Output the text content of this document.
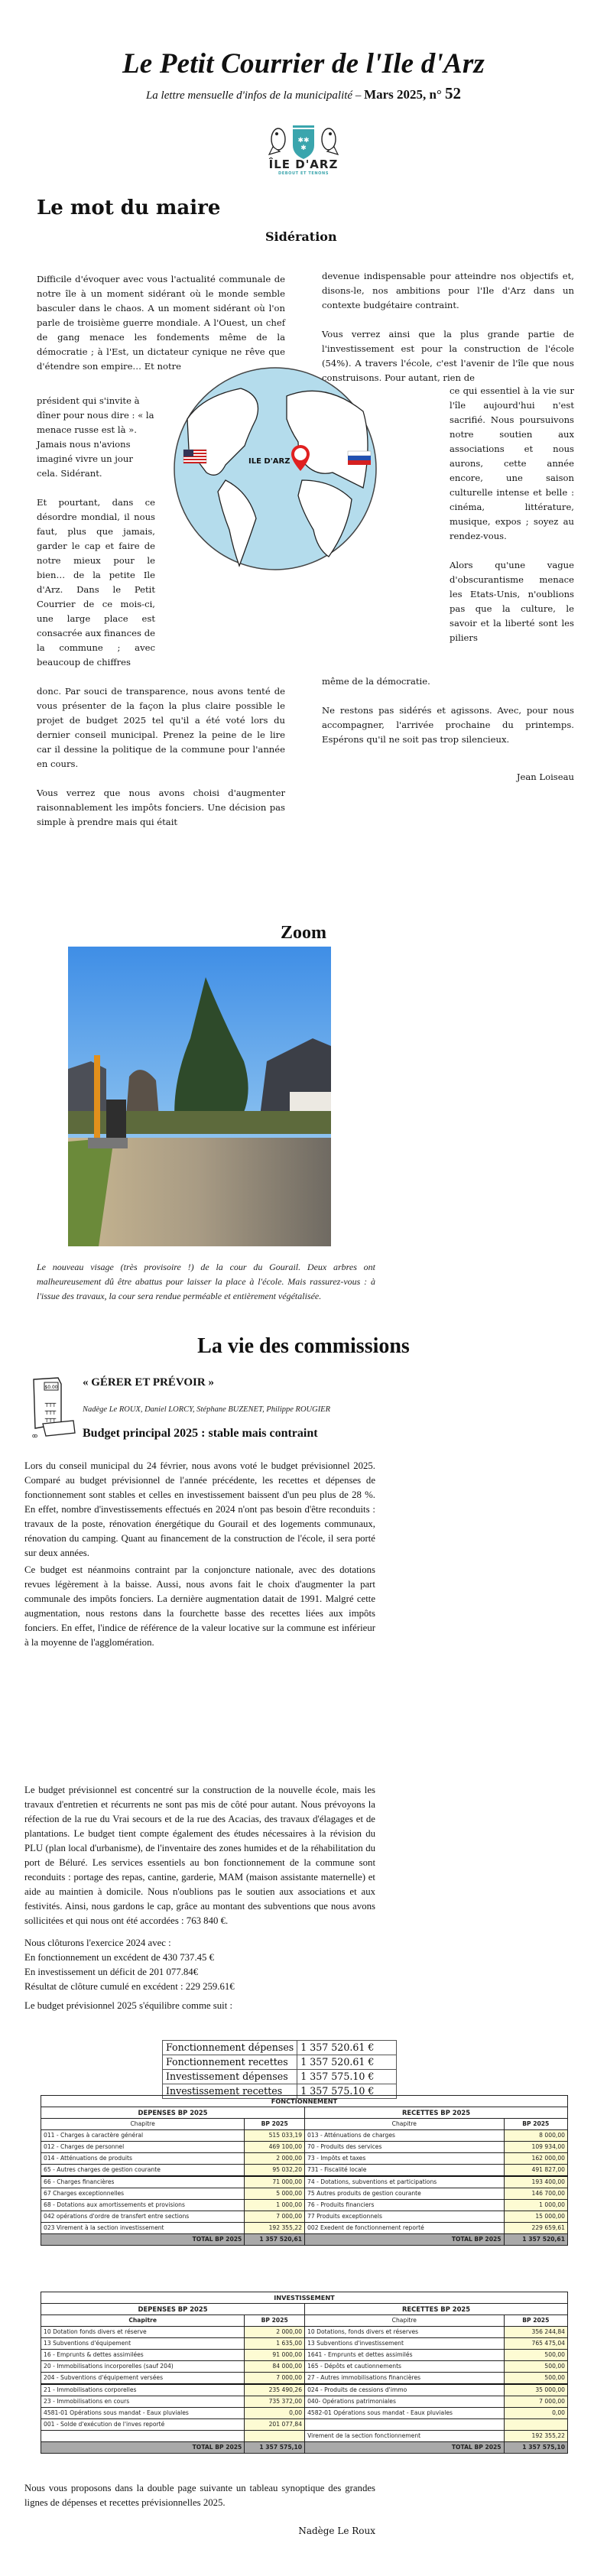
Le Petit Courrier de l'Ile d'Arz
La lettre mensuelle d'infos de la municipalité – Mars 2025, n° 52
✱✱
✱
ÎLE D'ARZ
DEBOUT ET TENONS
Le mot du maire
Sidération
Difficile d'évoquer avec vous l'actualité communale de notre île à un moment sidérant où le monde semble basculer dans le chaos. A un moment sidérant où l'on parle de troisième guerre mondiale. A l'Ouest, un chef de gang menace les fondements même de la démocratie ; à l'Est, un dictateur cynique ne rêve que d'étendre son empire… Et notre

président qui s'invite à dîner pour nous dire : « la menace russe est là ». Jamais nous n'avions imaginé vivre un jour cela. Sidérant.

Et pourtant, dans ce désordre mondial, il nous faut, plus que jamais, garder le cap et faire de notre mieux pour le bien… de la petite Ile d'Arz. Dans le Petit Courrier de ce mois-ci, une large place est consacrée aux finances de la commune ; avec beaucoup de chiffres

donc. Par souci de transparence, nous avons tenté de vous présenter de la façon la plus claire possible le projet de budget 2025 tel qu'il a été voté lors du dernier conseil municipal. Prenez la peine de le lire car il dessine la politique de la commune pour l'année en cours.

Vous verrez que nous avons choisi d'augmenter raisonnablement les impôts fonciers. Une décision pas simple à prendre mais qui était

devenue indispensable pour atteindre nos objectifs et, disons-le, nos ambitions pour l'Ile d'Arz dans un contexte budgétaire contraint.

Vous verrez ainsi que la plus grande partie de l'investissement est pour la construction de l'école (54%). A travers l'école, c'est l'avenir de l'île que nous construisons. Pour autant, rien de

ce qui essentiel à la vie sur l'île aujourd'hui n'est sacrifié. Nous poursuivons notre soutien aux associations et nous aurons, cette année encore, une saison culturelle intense et belle : cinéma, littérature, musique, expos ; soyez au rendez-vous.

Alors qu'une vague d'obscurantisme menace les Etats-Unis, n'oublions pas que la culture, le savoir et la liberté sont les piliers

même de la démocratie.

Ne restons pas sidérés et agissons. Avec, pour nous accompagner, l'arrivée prochaine du printemps. Espérons qu'il ne soit pas trop silencieux.

Jean Loiseau
ILE D'ARZ
Zoom
Le nouveau visage (très provisoire !) de la cour du Gourail. Deux arbres ont malheureusement dû être abattus pour laisser la place à l'école. Mais rassurez-vous : à l'issue des travaux, la cour sera rendue perméable et entièrement végétalisée.
La vie des commissions
$0.00
┬┬┬
┬┬┬
┬┬┬
ꝏ
« GÉRER ET PRÉVOIR »
Nadège Le ROUX, Daniel LORCY, Stéphane BUZENET, Philippe ROUGIER
Budget principal 2025 : stable mais contraint
Lors du conseil municipal du 24 février, nous avons voté le budget prévisionnel 2025. Comparé au budget prévisionnel de l'année précédente, les recettes et dépenses de fonctionnement sont stables et celles en investissement baissent d'un peu plus de 28 %. En effet, nombre d'investissements effectués en 2024 n'ont pas besoin d'être reconduits : travaux de la poste, rénovation énergétique du Gourail et des logements communaux, rénovation du camping. Quant au financement de la construction de l'école, il sera porté sur deux années.
Ce budget est néanmoins contraint par la conjoncture nationale, avec des dotations revues légèrement à la baisse. Aussi, nous avons fait le choix d'augmenter la part communale des impôts fonciers. La dernière augmentation datait de 1991. Malgré cette augmentation, nous restons dans la fourchette basse des recettes liées aux impôts fonciers. En effet, l'indice de référence de la valeur locative sur la commune est inférieur à la moyenne de l'agglomération.
Le budget prévisionnel est concentré sur la construction de la nouvelle école, mais les travaux d'entretien et récurrents ne sont pas mis de côté pour autant. Nous prévoyons la réfection de la rue du Vrai secours et de la rue des Acacias, des travaux d'élagages et de plantations. Le budget tient compte également des études nécessaires à la révision du PLU (plan local d'urbanisme), de l'inventaire des zones humides et de la réhabilitation du port de Béluré. Les services essentiels au bon fonctionnement de la commune sont reconduits : portage des repas, cantine, garderie, MAM (maison assistante maternelle) et aide au maintien à domicile. Nous n'oublions pas le soutien aux associations et aux festivités. Ainsi, nous gardons le cap, grâce au montant des subventions que nous avons sollicitées et qui nous ont été accordées : 763 840 €.
Nous clôturons l'exercice 2024 avec :
En fonctionnement un excédent de 430 737.45 €
En investissement un déficit de 201 077.84€
Résultat de clôture cumulé en excédent : 229 259.61€
Le budget prévisionnel 2025 s'équilibre comme suit :
Fonctionnement dépenses	1 357 520.61 €
Fonctionnement recettes	1 357 520.61 €
Investissement dépenses	1 357 575.10 €
Investissement recettes	1 357 575.10 €
FONCTIONNEMENT			
DEPENSES BP 2025		RECETTES BP 2025	
Chapitre	BP 2025	Chapitre	BP 2025
011 - Charges à caractère général	515 033,19	013 - Atténuations de charges	8 000,00
012 - Charges de personnel	469 100,00	70 - Produits des services	109 934,00
014 - Atténuations de produits	2 000,00	73 - Impôts et taxes	162 000,00
65 - Autres charges de gestion courante	95 032,20	731 - Fiscalité locale	491 827,00
66 - Charges financières	71 000,00	74 - Dotations, subventions et participations	193 400,00
67 Charges exceptionnelles	5 000,00	75 Autres produits de gestion courante	146 700,00
68 - Dotations aux amortissements et provisions	1 000,00	76 - Produits financiers	1 000,00
042 opérations d'ordre de transfert entre sections	7 000,00	77 Produits exceptionnels	15 000,00
023 Virement à la section investissement	192 355,22	002 Exedent de fonctionnement reporté	229 659,61
TOTAL BP 2025	1 357 520,61	TOTAL BP 2025	1 357 520,61
INVESTISSEMENT			
DEPENSES BP 2025		RECETTES BP 2025	
Chapitre	BP 2025	Chapitre	BP 2025
10 Dotation fonds divers et réserve	2 000,00	10 Dotations, fonds divers et réserves	356 244,84
13 Subventions d'équipement	1 635,00	13 Subventions d'investissement	765 475,04
16 - Emprunts & dettes assimilées	91 000,00	1641 - Emprunts et dettes assimilés	500,00
20 - Immobilisations incorporelles (sauf 204)	84 000,00	165 - Dépôts et cautionnements	500,00
204 - Subventions d'équipement versées	7 000,00	27 - Autres immobilisations financières	500,00
21 - Immobilisations corporelles	235 490,26	024 - Produits de cessions d'immo	35 000,00
23 - Immobilisations en cours	735 372,00	040- Opérations patrimoniales	7 000,00
4581-01 Opérations sous mandat - Eaux pluviales	0,00	4582-01 Opérations sous mandat - Eaux pluviales	0,00
001 - Solde d'exécution de l'inves reporté	201 077,84		
		Virement de la section fonctionnement	192 355,22
TOTAL BP 2025	1 357 575,10	TOTAL BP 2025	1 357 575,10
Nous vous proposons dans la double page suivante un tableau synoptique des grandes lignes de dépenses et recettes prévisionnelles 2025.
Nadège Le Roux
